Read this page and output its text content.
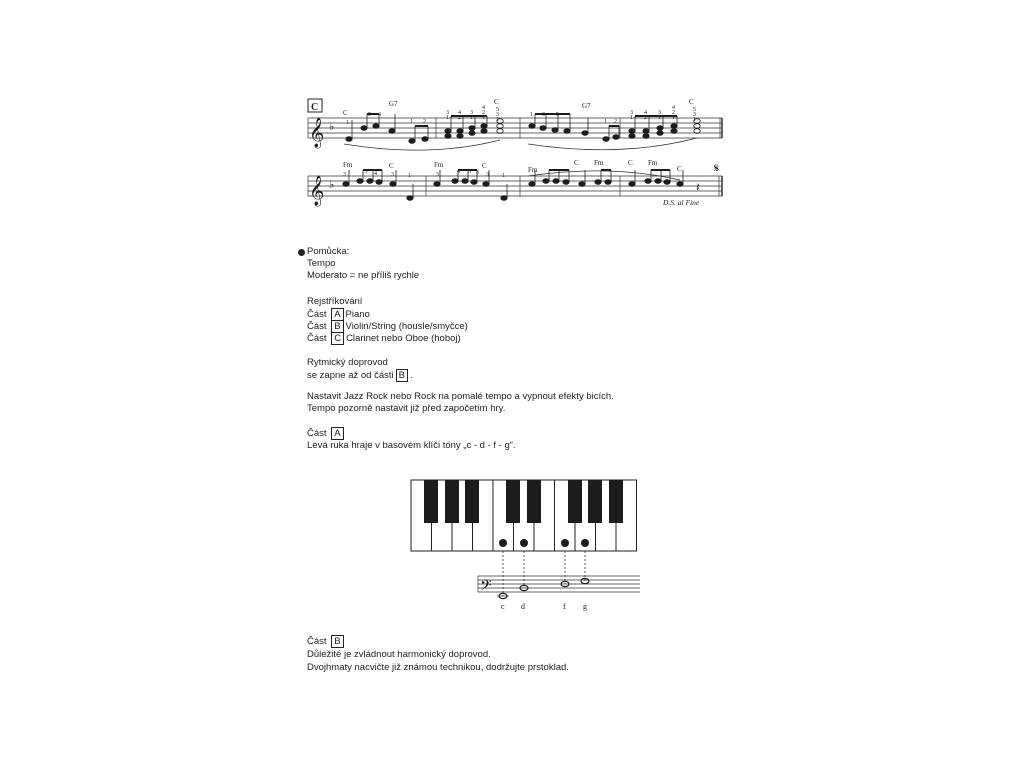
C
𝄞 ♭
C
G7	C	G7	C
1
5 4
1 2
3
1
4
2
3
1
4
2
1
5
3
1
1 3 5
1 2
3
1
4
2
3
1
4
2
1
5
3
1
𝄞 ♭	𝄽
𝄋
Fm	C	Fm	C	Fm
C Fm	C Fm
C
3	5 4 3 1	3	4 5 3 3 1
D.S. al Fine
Pomůcka:
Tempo
Moderato = ne příliš rychle
Rejstříkování
Část A Piano
Část B Violin/String (housle/smyčce)
Část C Clarinet nebo Oboe (hoboj)
Rytmický doprovod
se zapne až od části B .
Nastavit Jazz Rock nebo Rock na pomalé tempo a vypnout efekty bicích.
Tempo pozorně nastavit již před započetím hry.
Část A
Levá ruka hraje v basovém klíči tóny „c - d - f - g“.
𝄢
c d	f g
Část B
Důležité je zvládnout harmonický doprovod.
Dvojhmaty nacvičte již známou technikou, dodržujte prstoklad.
